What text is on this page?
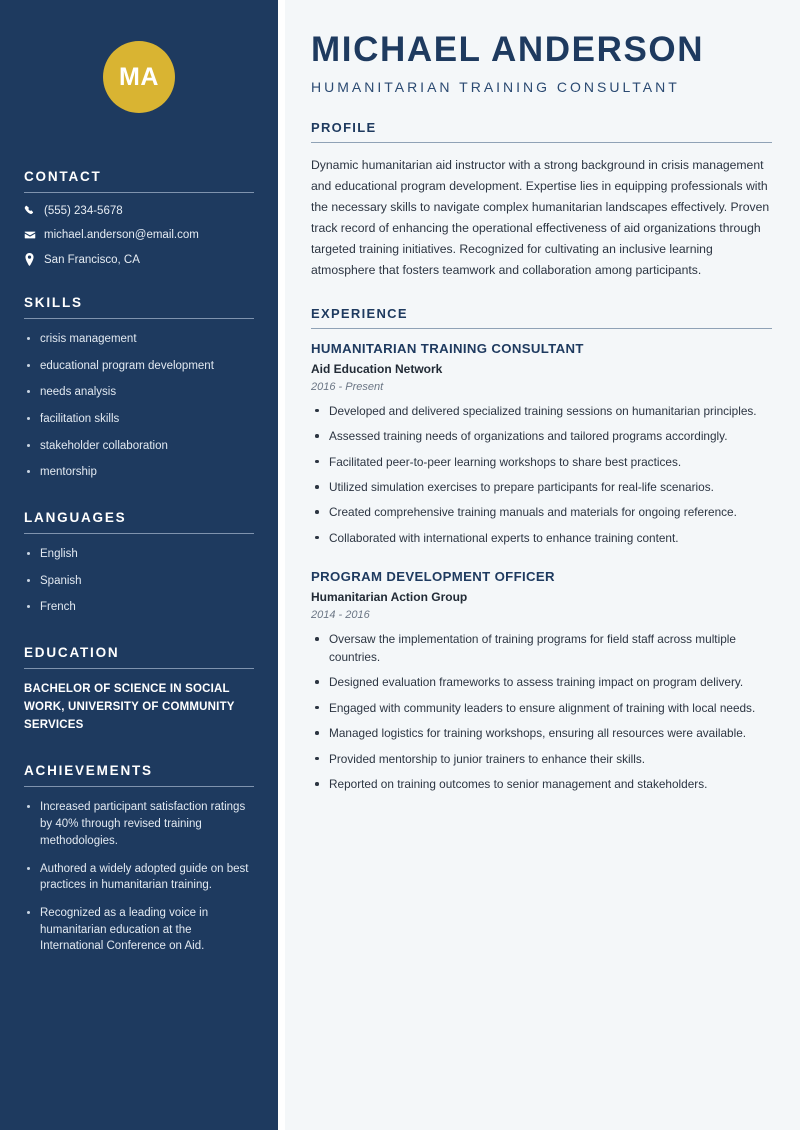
MA
CONTACT
(555) 234-5678
michael.anderson@email.com
San Francisco, CA
SKILLS
crisis management
educational program development
needs analysis
facilitation skills
stakeholder collaboration
mentorship
LANGUAGES
English
Spanish
French
EDUCATION
BACHELOR OF SCIENCE IN SOCIAL WORK, UNIVERSITY OF COMMUNITY SERVICES
ACHIEVEMENTS
Increased participant satisfaction ratings by 40% through revised training methodologies.
Authored a widely adopted guide on best practices in humanitarian training.
Recognized as a leading voice in humanitarian education at the International Conference on Aid.
MICHAEL ANDERSON
HUMANITARIAN TRAINING CONSULTANT
PROFILE

Dynamic humanitarian aid instructor with a strong background in crisis management and educational program development. Expertise lies in equipping professionals with the necessary skills to navigate complex humanitarian landscapes effectively. Proven track record of enhancing the operational effectiveness of aid organizations through targeted training initiatives. Recognized for cultivating an inclusive learning atmosphere that fosters teamwork and collaboration among participants.

EXPERIENCE
HUMANITARIAN TRAINING CONSULTANT
Aid Education Network
2016 - Present
Developed and delivered specialized training sessions on humanitarian principles.
Assessed training needs of organizations and tailored programs accordingly.
Facilitated peer-to-peer learning workshops to share best practices.
Utilized simulation exercises to prepare participants for real-life scenarios.
Created comprehensive training manuals and materials for ongoing reference.
Collaborated with international experts to enhance training content.
PROGRAM DEVELOPMENT OFFICER
Humanitarian Action Group
2014 - 2016
Oversaw the implementation of training programs for field staff across multiple countries.
Designed evaluation frameworks to assess training impact on program delivery.
Engaged with community leaders to ensure alignment of training with local needs.
Managed logistics for training workshops, ensuring all resources were available.
Provided mentorship to junior trainers to enhance their skills.
Reported on training outcomes to senior management and stakeholders.
